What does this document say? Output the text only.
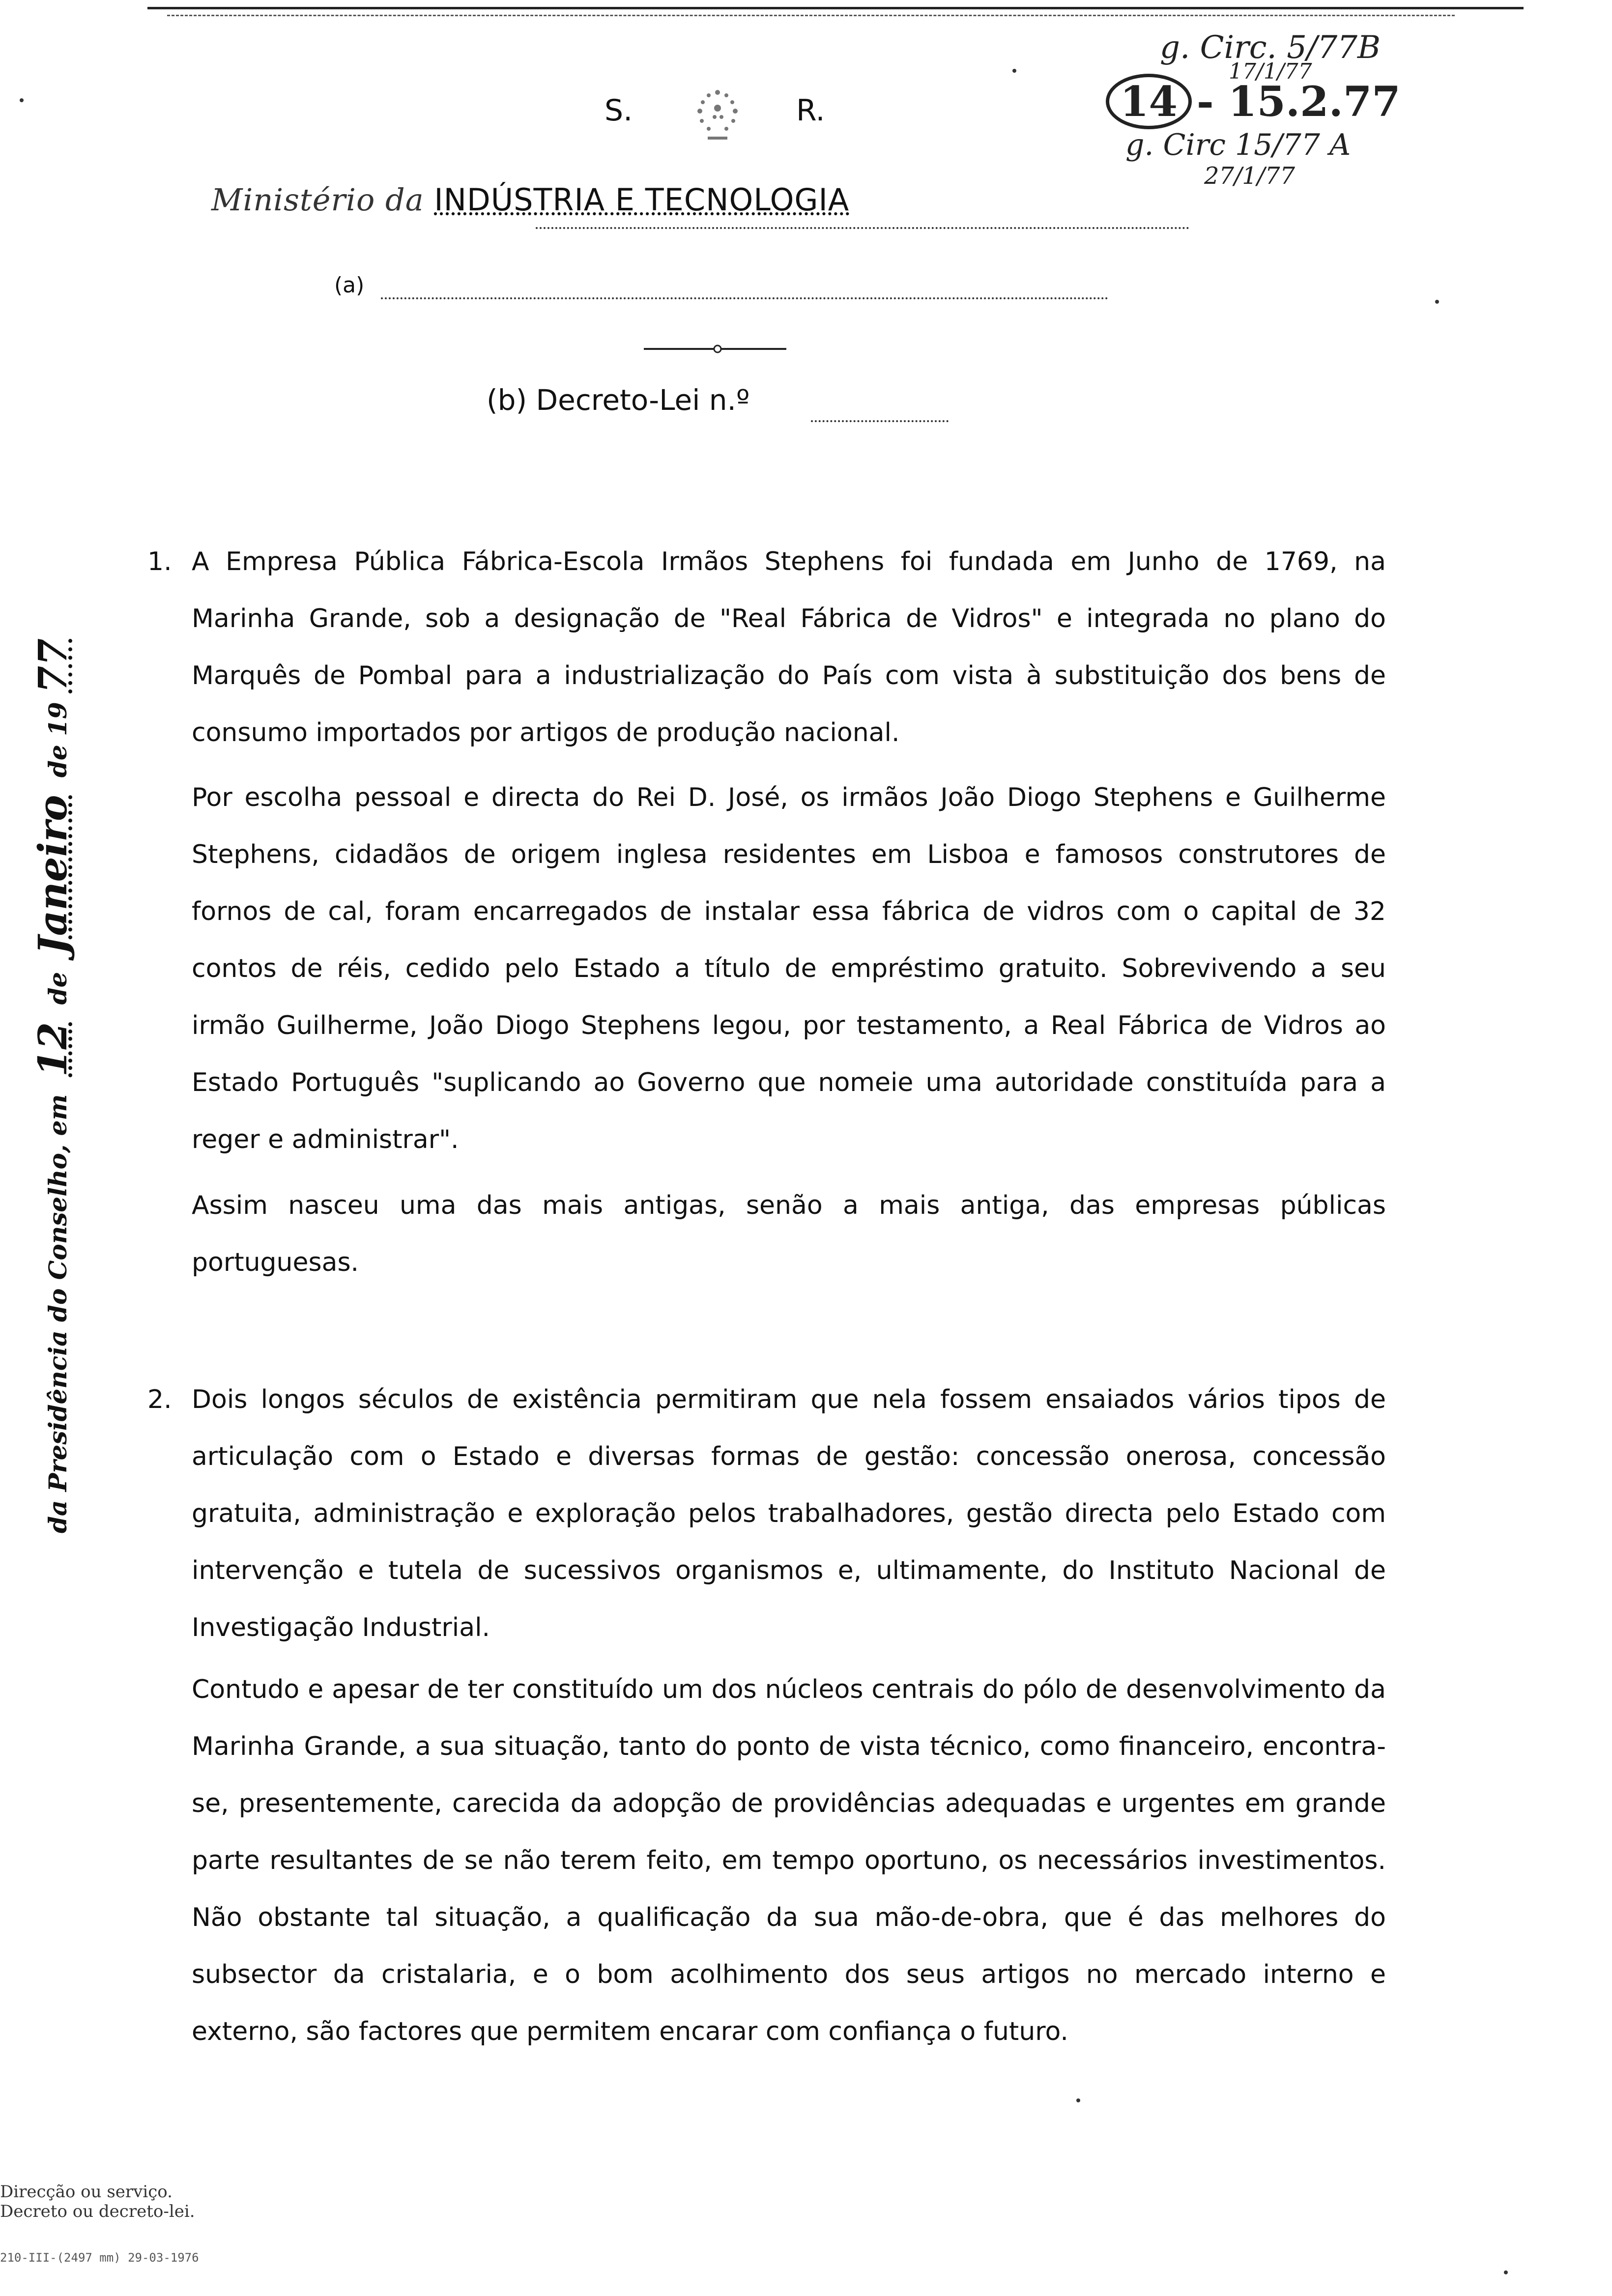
S.	R.
Ministério da INDÚSTRIA E TECNOLOGIA
(a)
(b) Decreto-Lei n.º
g. Circ. 5/77B
17/1/77
14 - 15.2.77
g. Circ 15/77 A
27/1/77
da Presidência do Conselho, em 12 de Janeiro de 1977
1. A Empresa Pública Fábrica-Escola Irmãos Stephens foi fundada em Junho de 1769, na Marinha Grande, sob a designação de "Real Fábrica de Vidros" e integrada no plano do Marquês de Pombal para a industrialização do País com vista à substituição dos bens de consumo importados por artigos de produção nacional.
Por escolha pessoal e directa do Rei D. José, os irmãos João Diogo Stephens e Guilherme Stephens, cidadãos de origem inglesa residentes em Lisboa e famosos construtores de fornos de cal, foram encarregados de instalar essa fábrica de vidros com o capital de 32 contos de réis, cedido pelo Estado a título de empréstimo gratuito. Sobrevivendo a seu irmão Guilherme, João Diogo Stephens legou, por testamento, a Real Fábrica de Vidros ao Estado Português "suplicando ao Governo que nomeie uma autoridade constituída para a reger e administrar".
Assim nasceu uma das mais antigas, senão a mais antiga, das empresas públicas portuguesas.
2. Dois longos séculos de existência permitiram que nela fossem ensaiados vários tipos de articulação com o Estado e diversas formas de gestão: concessão onerosa, concessão gratuita, administração e exploração pelos trabalhadores, gestão directa pelo Estado com intervenção e tutela de sucessivos organismos e, ultimamente, do Instituto Nacional de Investigação Industrial.
Contudo e apesar de ter constituído um dos núcleos centrais do pólo de desenvolvimento da Marinha Grande, a sua situação, tanto do ponto de vista técnico, como financeiro, encontra-se, presentemente, carecida da adopção de providências adequadas e urgentes em grande parte resultantes de se não terem feito, em tempo oportuno, os necessários investimentos. Não obstante tal situação, a qualificação da sua mão-de-obra, que é das melhores do subsector da cristalaria, e o bom acolhimento dos seus artigos no mercado interno e externo, são factores que permitem encarar com confiança o futuro.
Direcção ou serviço.
Decreto ou decreto-lei.
210-III-(2497 mm) 29-03-1976
